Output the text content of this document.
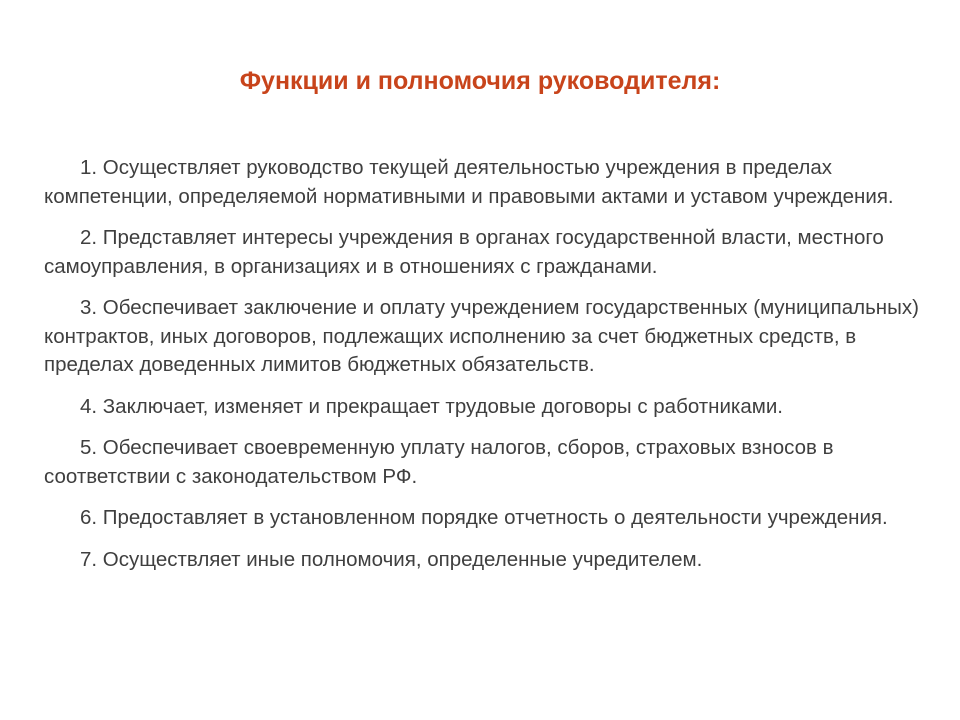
Функции и полномочия руководителя:
1. Осуществляет руководство текущей деятельностью учреждения в пределах компетенции, определяемой нормативными и правовыми актами и уставом учреждения.
2. Представляет интересы учреждения в органах государственной власти, местного самоуправления, в организациях и в отношениях с гражданами.
3. Обеспечивает заключение и оплату учреждением государственных (муниципальных) контрактов, иных договоров, подлежащих исполнению за счет бюджетных средств, в пределах доведенных лимитов бюджетных обязательств.
4. Заключает, изменяет и прекращает трудовые договоры с работниками.
5. Обеспечивает своевременную уплату налогов, сборов, страховых взносов в соответствии с законодательством РФ.
6. Предоставляет в установленном порядке отчетность о деятельности учреждения.
7. Осуществляет иные полномочия, определенные учредителем.
